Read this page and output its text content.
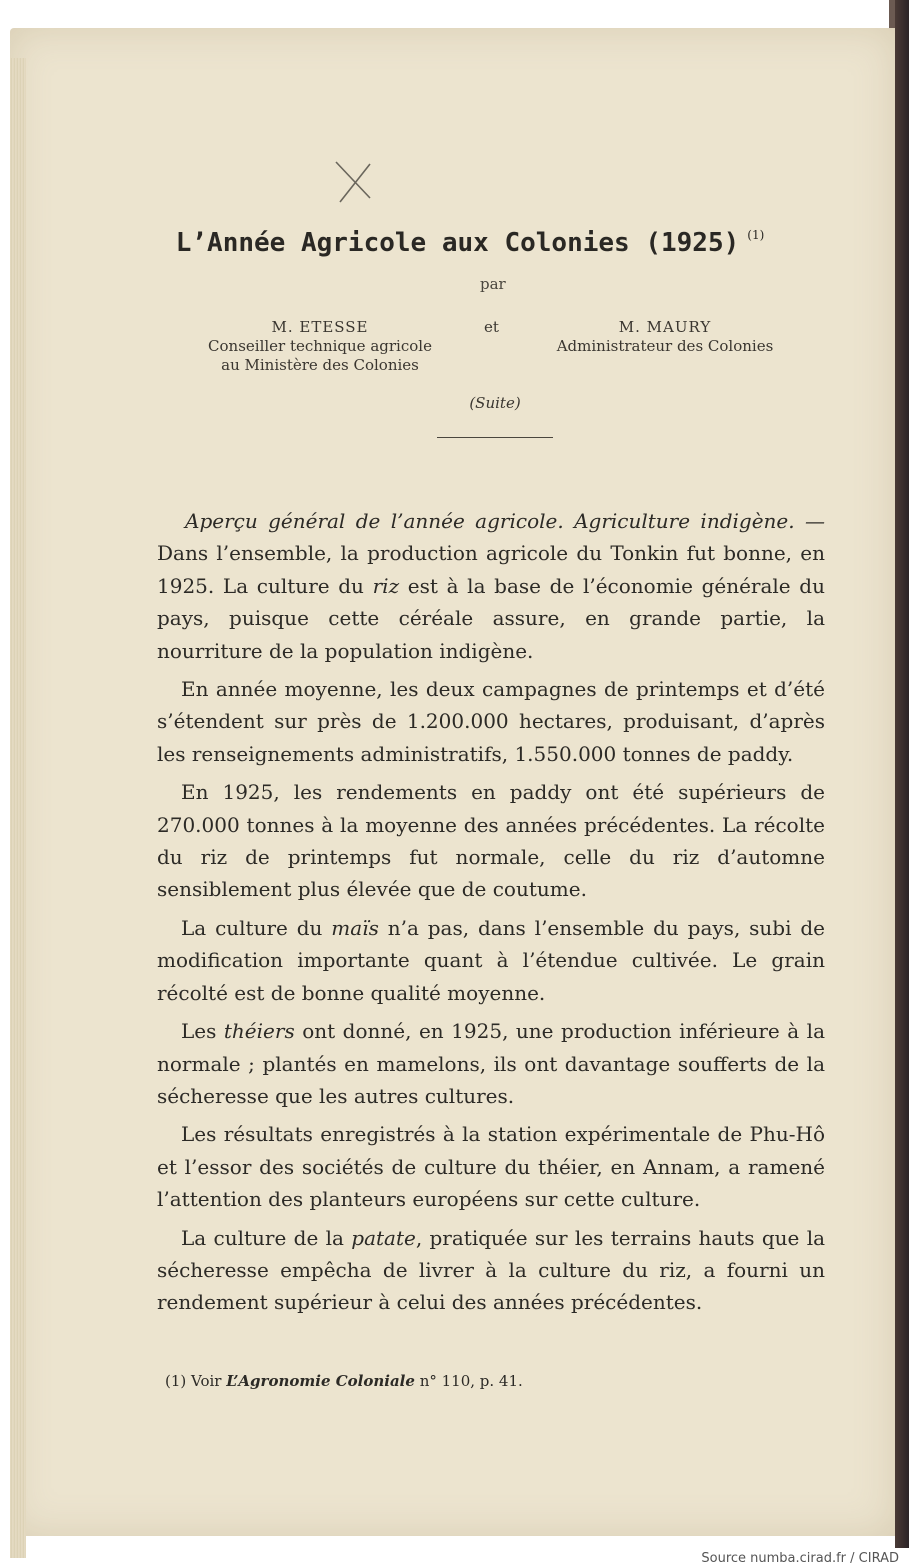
L’Année Agricole aux Colonies (1925) $^{(1)}$
par
M. ETESSE
Conseiller technique agricole
au Ministère des Colonies
et	M. MAURY
Administrateur des Colonies
(Suite)

Aperçu général de l’année agricole. Agriculture indigène. — Dans l’ensemble, la production agricole du Tonkin fut bonne, en 1925. La culture du riz est à la base de l’économie générale du pays, puisque cette céréale assure, en grande partie, la nourriture de la population indigène.

En année moyenne, les deux campagnes de printemps et d’été s’étendent sur près de 1.200.000 hectares, produisant, d’après les renseignements administratifs, 1.550.000 tonnes de paddy.

En 1925, les rendements en paddy ont été supérieurs de 270.000 tonnes à la moyenne des années précédentes. La récolte du riz de printemps fut normale, celle du riz d’automne sensiblement plus élevée que de coutume.

La culture du maïs n’a pas, dans l’ensemble du pays, subi de modification importante quant à l’étendue cultivée. Le grain récolté est de bonne qualité moyenne.

Les théiers ont donné, en 1925, une production inférieure à la normale ; plantés en mamelons, ils ont davantage soufferts de la sécheresse que les autres cultures.

Les résultats enregistrés à la station expérimentale de Phu-Hô et l’essor des sociétés de culture du théier, en Annam, a ramené l’attention des planteurs européens sur cette culture.

La culture de la patate, pratiquée sur les terrains hauts que la sécheresse empêcha de livrer à la culture du riz, a fourni un rendement supérieur à celui des années précédentes.

(1) Voir L’Agronomie Coloniale n° 110, p. 41.
Source numba.cirad.fr / CIRAD
